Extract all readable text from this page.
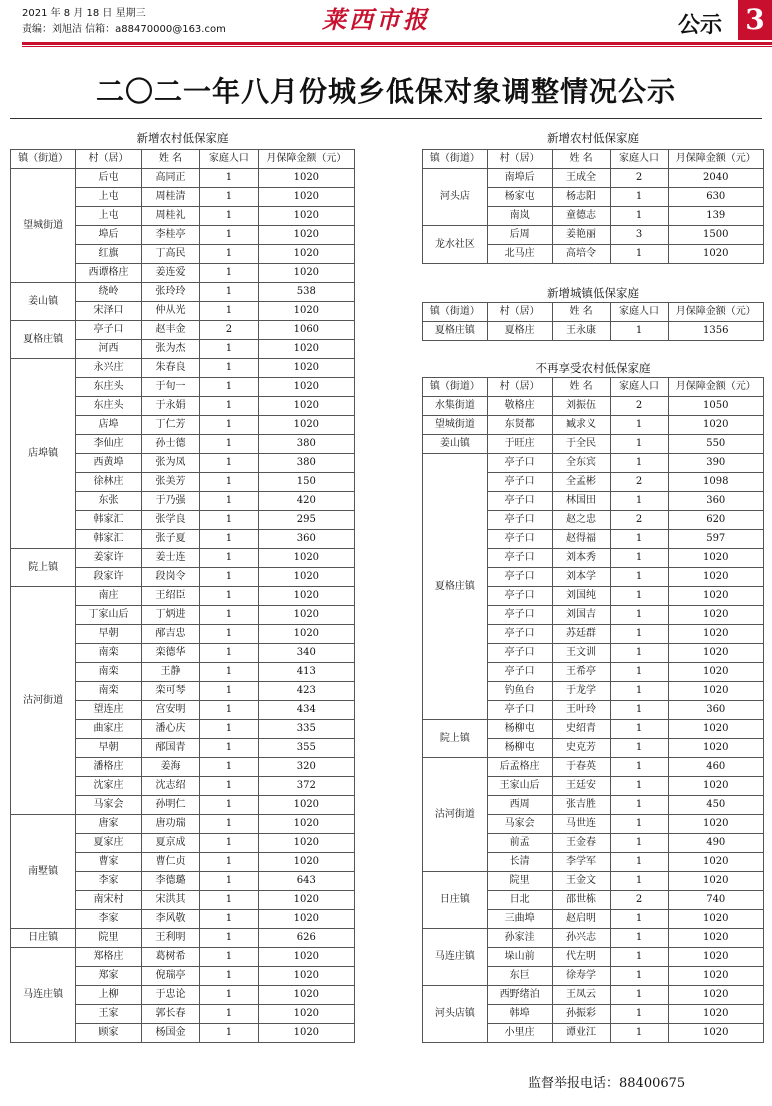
2021 年 8 月 18 日 星期三
责编：刘旭洁 信箱：a88470000@163.com	莱西市报	公示 3
二〇二一年八月份城乡低保对象调整情况公示
新增农村低保家庭
镇（街道）	村（居）	姓 名	家庭人口	月保障金额（元）
望城街道	后屯	高同正	1	1020
	上屯	周桂清	1	1020
	上屯	周桂礼	1	1020
	埠后	李桂亭	1	1020
	红旗	丁高民	1	1020
	西谭格庄	姜连爱	1	1020
姜山镇	绕岭	张玲玲	1	538
	宋泽口	仲从光	1	1020
夏格庄镇	亭子口	赵丰金	2	1060
	河西	张为杰	1	1020
店埠镇	永兴庄	朱春良	1	1020
	东庄头	于旬一	1	1020
	东庄头	于永娟	1	1020
	店埠	丁仁芳	1	1020
	李仙庄	孙士德	1	380
	西黄埠	张为凤	1	380
	徐林庄	张美芳	1	150
	东张	于乃强	1	420
	韩家汇	张学良	1	295
	韩家汇	张子夏	1	360
院上镇	姜家许	姜士连	1	1020
	段家许	段岗令	1	1020
沽河街道	南庄	王绍臣	1	1020
	丁家山后	丁炳进	1	1020
	早朝	邴吉忠	1	1020
	南栾	栾德华	1	340
	南栾	王静	1	413
	南栾	栾可琴	1	423
	望连庄	宫安明	1	434
	曲家庄	潘心庆	1	335
	早朝	邴国青	1	355
	潘格庄	姜海	1	320
	沈家庄	沈志绍	1	372
	马家会	孙明仁	1	1020
南墅镇	唐家	唐功瑞	1	1020
	夏家庄	夏京成	1	1020
	曹家	曹仁贞	1	1020
	李家	李德璐	1	643
	南宋村	宋洪其	1	1020
	李家	李风敬	1	1020
日庄镇	院里	王利明	1	626
马连庄镇	郑格庄	葛树希	1	1020
	郑家	倪瑞亭	1	1020
	上柳	于忠论	1	1020
	王家	郭长春	1	1020
	顾家	杨国金	1	1020
新增农村低保家庭
镇（街道）	村（居）	姓 名	家庭人口	月保障金额（元）
河头店	南埠后	王成全	2	2040
	杨家屯	杨志阳	1	630
	南岚	童德志	1	139
龙水社区	后周	姜艳丽	3	1500
	北马庄	高培令	1	1020
新增城镇低保家庭
镇（街道）	村（居）	姓 名	家庭人口	月保障金额（元）
夏格庄镇	夏格庄	王永康	1	1356
不再享受农村低保家庭
镇（街道）	村（居）	姓 名	家庭人口	月保障金额（元）
水集街道	敬格庄	刘振伍	2	1050
望城街道	东贤都	臧求义	1	1020
姜山镇	于旺庄	于全民	1	550
夏格庄镇	亭子口	全东宾	1	390
	亭子口	全孟彬	2	1098
	亭子口	林国田	1	360
	亭子口	赵之忠	2	620
	亭子口	赵得福	1	597
	亭子口	刘本秀	1	1020
	亭子口	刘本学	1	1020
	亭子口	刘国纯	1	1020
	亭子口	刘国吉	1	1020
	亭子口	苏廷群	1	1020
	亭子口	王文训	1	1020
	亭子口	王希亭	1	1020
	钓鱼台	于龙学	1	1020
	亭子口	王叶玲	1	360
院上镇	杨柳屯	史绍青	1	1020
	杨柳屯	史克芳	1	1020
沽河街道	后孟格庄	于春英	1	460
	王家山后	王廷安	1	1020
	西周	张吉胜	1	450
	马家会	马世连	1	1020
	前孟	王金春	1	490
	长清	李学军	1	1020
日庄镇	院里	王金文	1	1020
	日北	邵世栋	2	740
	三曲埠	赵启明	1	1020
马连庄镇	孙家洼	孙兴志	1	1020
	垛山前	代左明	1	1020
	东巨	徐寿学	1	1020
河头店镇	西野绪泊	王凤云	1	1020
	韩埠	孙振彩	1	1020
	小里庄	谭业江	1	1020
监督举报电话：88400675
